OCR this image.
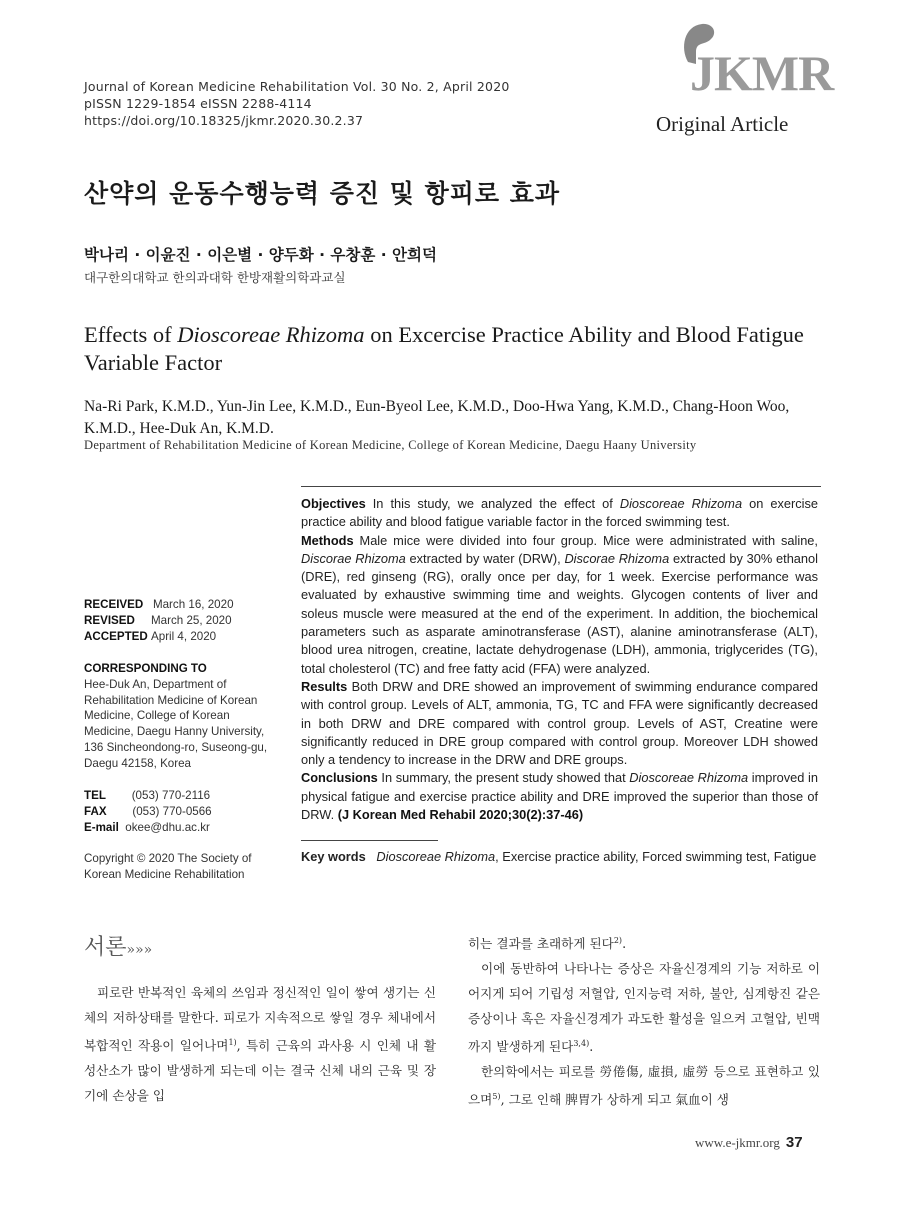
Journal of Korean Medicine Rehabilitation Vol. 30 No. 2, April 2020
pISSN 1229-1854 eISSN 2288-4114
https://doi.org/10.18325/jkmr.2020.30.2.37
JKMR
Original Article
산약의 운동수행능력 증진 및 항피로 효과
박나리 · 이윤진 · 이은별 · 양두화 · 우창훈 · 안희덕
대구한의대학교 한의과대학 한방재활의학과교실
Effects of Dioscoreae Rhizoma on Excercise Practice Ability and Blood Fatigue Variable Factor
Na-Ri Park, K.M.D., Yun-Jin Lee, K.M.D., Eun-Byeol Lee, K.M.D., Doo-Hwa Yang, K.M.D., Chang-Hoon Woo, K.M.D., Hee-Duk An, K.M.D.
Department of Rehabilitation Medicine of Korean Medicine, College of Korean Medicine, Daegu Haany University
Objectives In this study, we analyzed the effect of Dioscoreae Rhizoma on exercise practice ability and blood fatigue variable factor in the forced swimming test.
Methods Male mice were divided into four group. Mice were administrated with saline, Discorae Rhizoma extracted by water (DRW), Discorae Rhizoma extracted by 30% ethanol (DRE), red ginseng (RG), orally once per day, for 1 week. Exercise performance was evaluated by exhaustive swimming time and weights. Glycogen contents of liver and soleus muscle were measured at the end of the experiment. In addition, the biochemical parameters such as asparate aminotransferase (AST), alanine aminotransferase (ALT), blood urea nitrogen, creatine, lactate dehydrogenase (LDH), ammonia, triglycerides (TG), total cholesterol (TC) and free fatty acid (FFA) were analyzed.
Results Both DRW and DRE showed an improvement of swimming endurance compared with control group. Levels of ALT, ammonia, TG, TC and FFA were significantly decreased in both DRW and DRE compared with control group. Levels of AST, Creatine were significantly reduced in DRE group compared with control group. Moreover LDH showed only a tendency to increase in the DRW and DRE groups.
Conclusions In summary, the present study showed that Dioscoreae Rhizoma improved in physical fatigue and exercise practice ability and DRE improved the superior than those of DRW. (J Korean Med Rehabil 2020;30(2):37-46)
RECEIVED March 16, 2020
REVISED March 25, 2020
ACCEPTED April 4, 2020
CORRESPONDING TO
Hee-Duk An, Department of
Rehabilitation Medicine of Korean
Medicine, College of Korean
Medicine, Daegu Hanny University,
136 Sincheondong-ro, Suseong-gu,
Daegu 42158, Korea
TEL (053) 770-2116
FAX (053) 770-0566
E-mail okee@dhu.ac.kr
Copyright © 2020 The Society of
Korean Medicine Rehabilitation
Key words Dioscoreae Rhizoma, Exercise practice ability, Forced swimming test, Fatigue
서론»»»
피로란 반복적인 육체의 쓰임과 정신적인 일이 쌓여 생기는 신체의 저하상태를 말한다. 피로가 지속적으로 쌓일 경우 체내에서 복합적인 작용이 일어나며$^{1)}$, 특히 근육의 과사용 시 인체 내 활성산소가 많이 발생하게 되는데 이는 결국 신체 내의 근육 및 장기에 손상을 입
히는 결과를 초래하게 된다$^{2)}$.
이에 동반하여 나타나는 증상은 자율신경계의 기능 저하로 이어지게 되어 기립성 저혈압, 인지능력 저하, 불안, 심계항진 같은 증상이나 혹은 자율신경계가 과도한 활성을 일으켜 고혈압, 빈맥까지 발생하게 된다$^{3,4)}$.
한의학에서는 피로를 勞倦傷, 虛損, 虛勞 등으로 표현하고 있으며$^{5)}$, 그로 인해 脾胃가 상하게 되고 氣血이 생
www.e-jkmr.org 37
